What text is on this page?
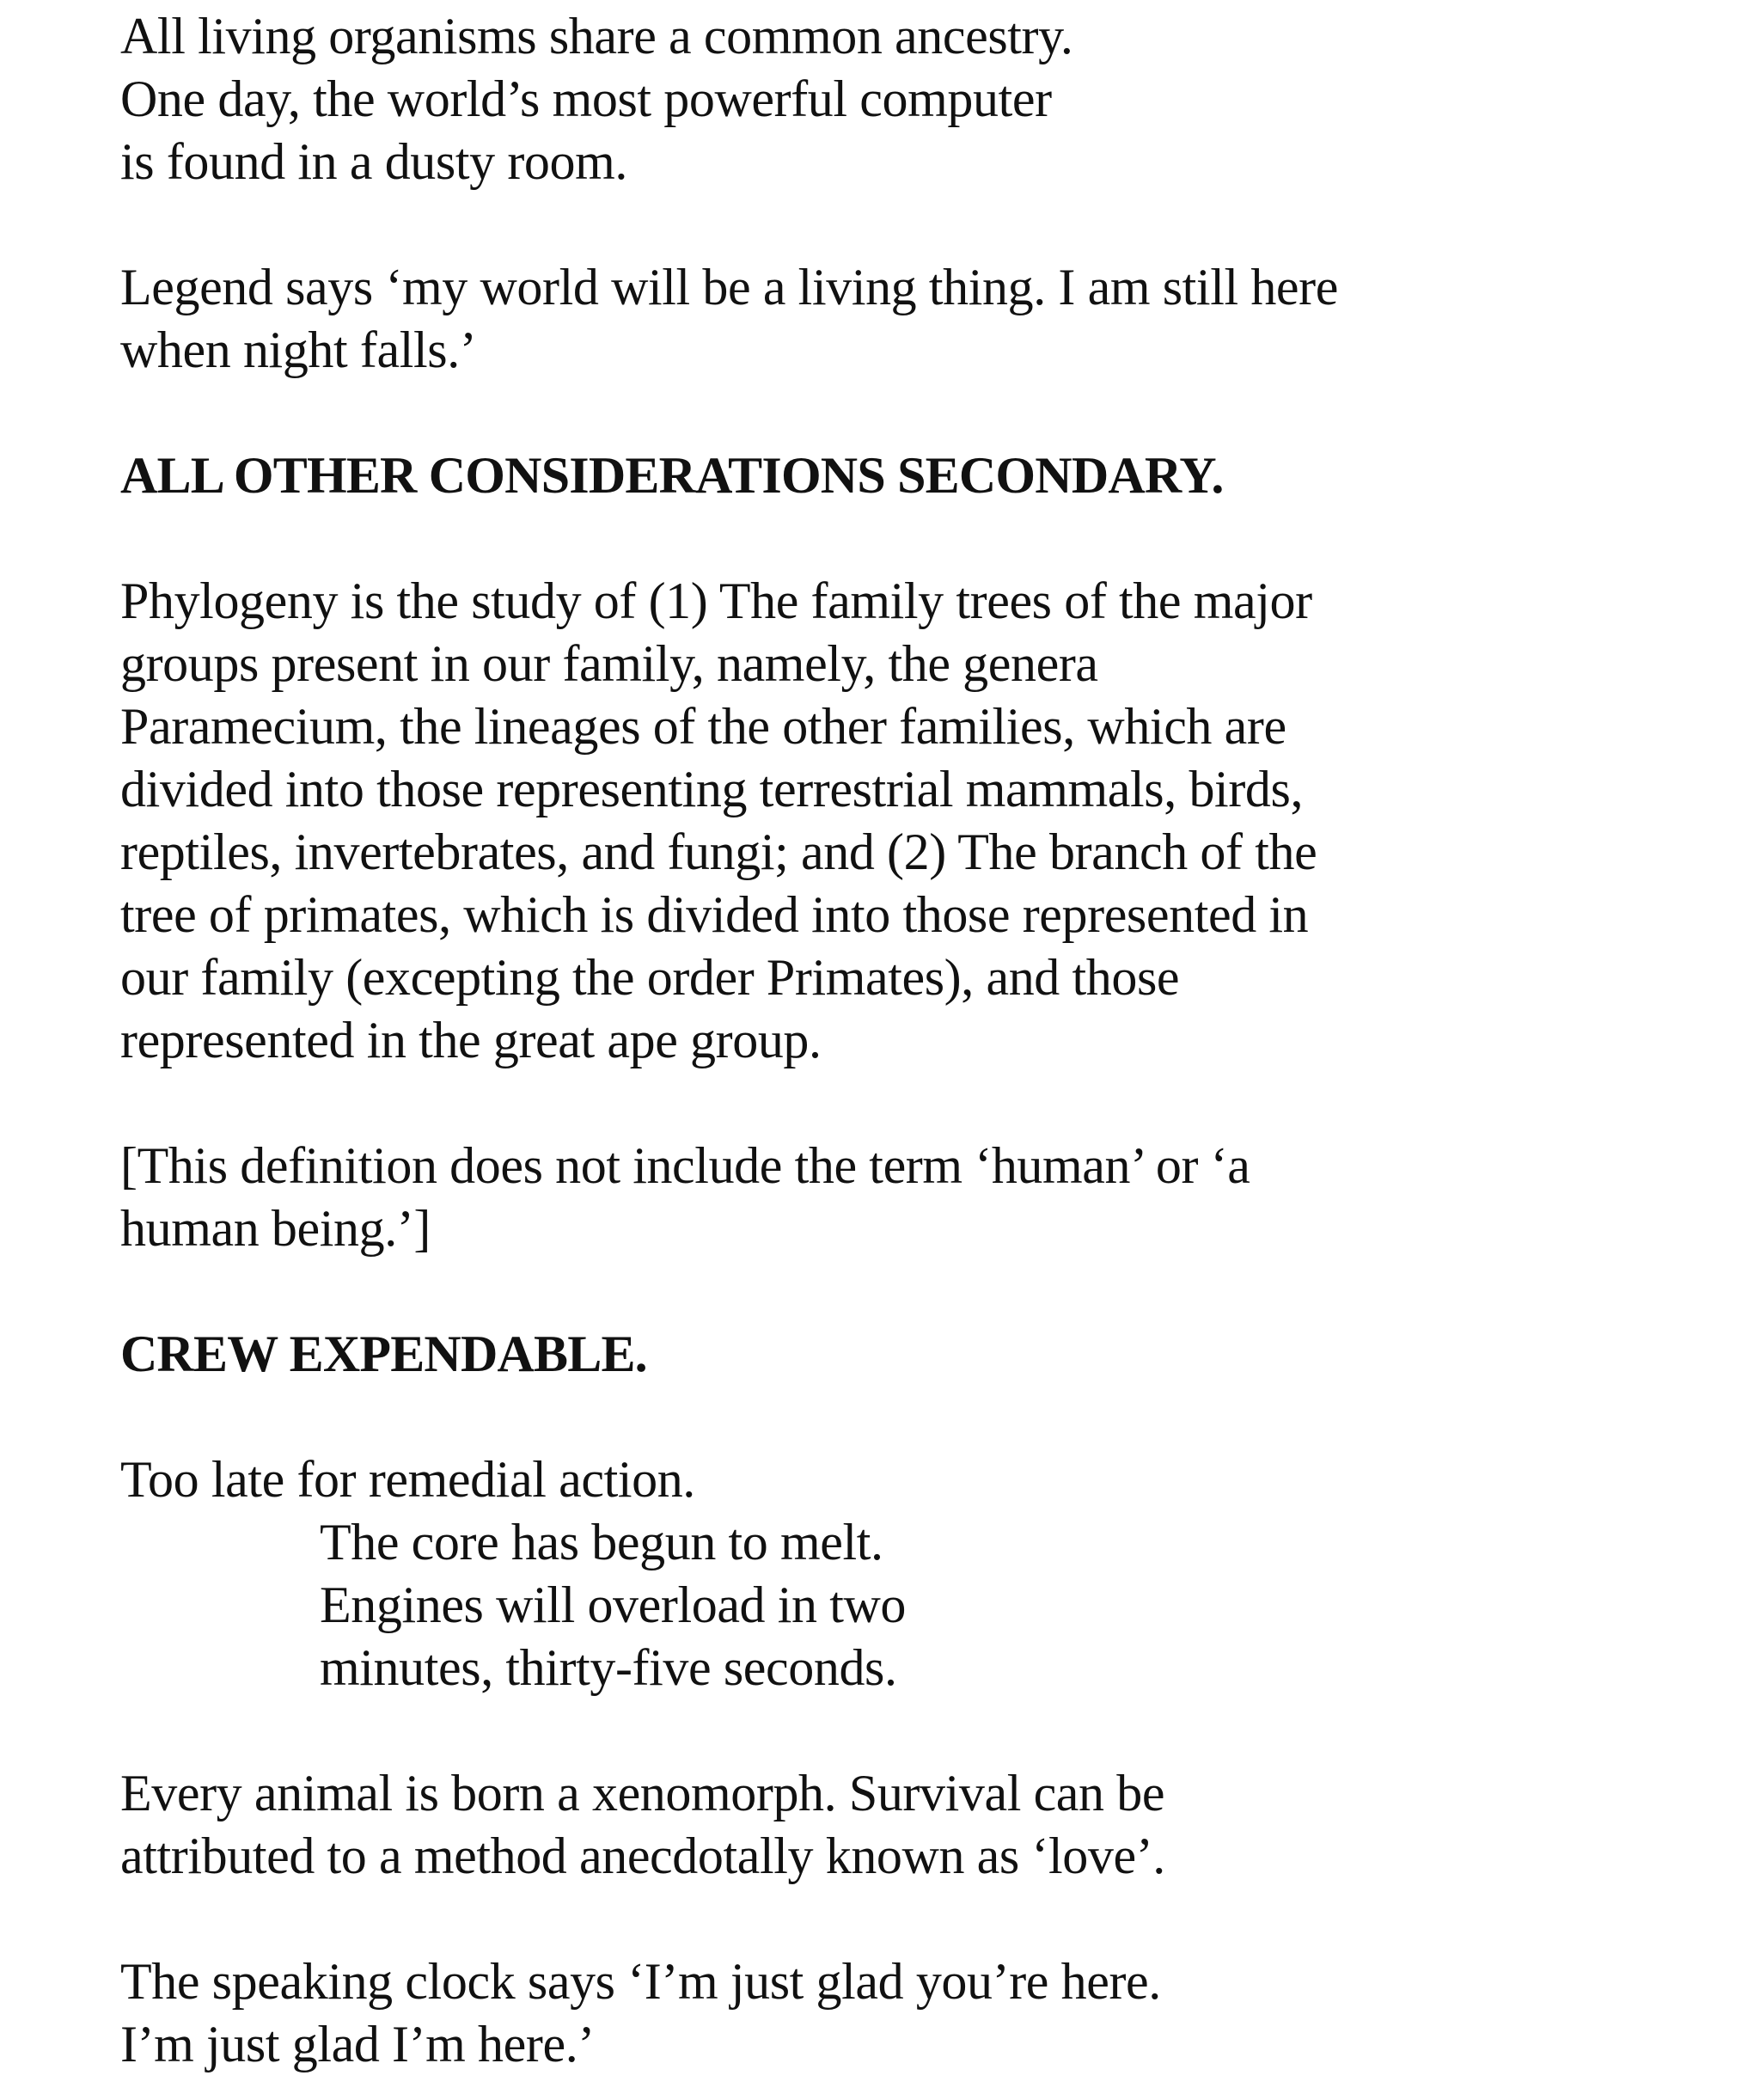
All living organisms share a common ancestry.
One day, the world’s most powerful computer
is found in a dusty room.
Legend says ‘my world will be a living thing. I am still here
when night falls.’
ALL OTHER CONSIDERATIONS SECONDARY.
Phylogeny is the study of (1) The family trees of the major
groups present in our family, namely, the genera
Paramecium, the lineages of the other families, which are
divided into those representing terrestrial mammals, birds,
reptiles, invertebrates, and fungi; and (2) The branch of the
tree of primates, which is divided into those represented in
our family (excepting the order Primates), and those
represented in the great ape group.
[This definition does not include the term ‘human’ or ‘a
human being.’]
CREW EXPENDABLE.
Too late for remedial action.
The core has begun to melt.
Engines will overload in two
minutes, thirty-five seconds.
Every animal is born a xenomorph. Survival can be
attributed to a method anecdotally known as ‘love’.
The speaking clock says ‘I’m just glad you’re here.
I’m just glad I’m here.’
